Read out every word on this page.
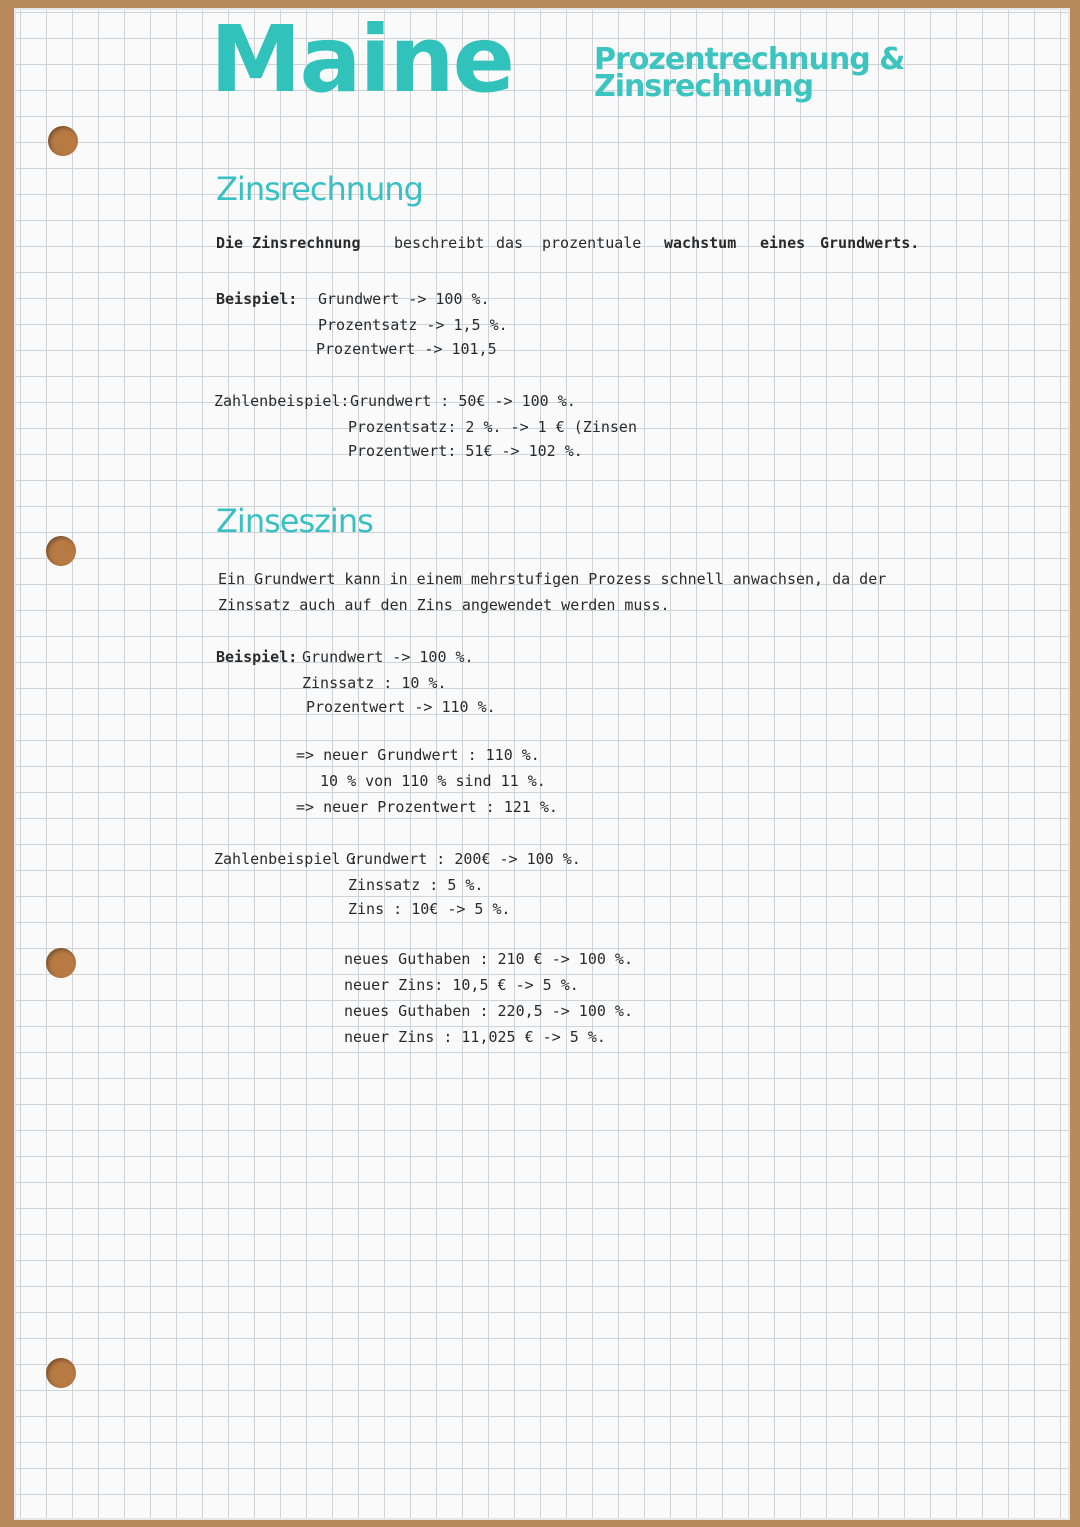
Maine	Prozentrechnung &
Zinsrechnung
Zinsrechnung
Die Zinsrechnung beschreibt das prozentuale wachstum eines Grundwerts.
Beispiel: Grundwert -> 100 %.
Prozentsatz -> 1,5 %.
Prozentwert -> 101,5
Zahlenbeispiel: Grundwert : 50€ -> 100 %.
Prozentsatz: 2 %. -> 1 € (Zinsen
Prozentwert: 51€ -> 102 %.
Zinseszins
Ein Grundwert kann in einem mehrstufigen Prozess schnell anwachsen, da der
Zinssatz auch auf den Zins angewendet werden muss.
Beispiel: Grundwert -> 100 %.
Zinssatz : 10 %.
Prozentwert -> 110 %.
=> neuer Grundwert : 110 %.
10 % von 110 % sind 11 %.
=> neuer Prozentwert : 121 %.
Zahlenbeispiel :
Grundwert : 200€ -> 100 %.
Zinssatz : 5 %.
Zins : 10€ -> 5 %.
neues Guthaben : 210 € -> 100 %.
neuer Zins: 10,5 € -> 5 %.
neues Guthaben : 220,5 -> 100 %.
neuer Zins : 11,025 € -> 5 %.
